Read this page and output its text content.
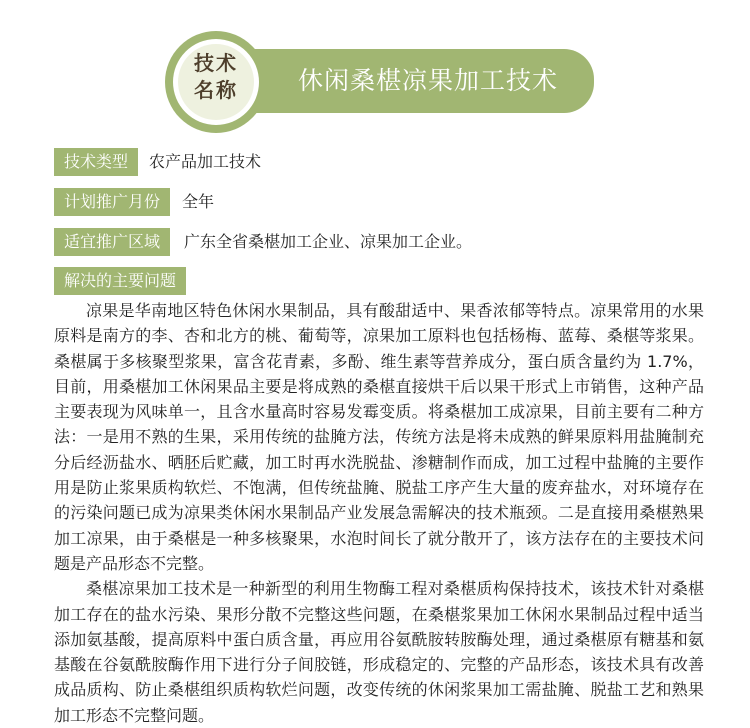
休闲桑椹凉果加工技术
技术
名称
技术类型	农产品加工技术
计划推广月份	全年
适宜推广区域	广东全省桑椹加工企业、凉果加工企业。
解决的主要问题

凉果是华南地区特色休闲水果制品，具有酸甜适中、果香浓郁等特点。凉果常用的水果原料是南方的李、杏和北方的桃、葡萄等，凉果加工原料也包括杨梅、蓝莓、桑椹等浆果。桑椹属于多核聚型浆果，富含花青素，多酚、维生素等营养成分，蛋白质含量约为 1.7%，目前，用桑椹加工休闲果品主要是将成熟的桑椹直接烘干后以果干形式上市销售，这种产品主要表现为风味单一，且含水量高时容易发霉变质。将桑椹加工成凉果，目前主要有二种方法：一是用不熟的生果，采用传统的盐腌方法，传统方法是将未成熟的鲜果原料用盐腌制充分后经沥盐水、晒胚后贮藏，加工时再水洗脱盐、渗糖制作而成，加工过程中盐腌的主要作用是防止浆果质构软烂、不饱满，但传统盐腌、脱盐工序产生大量的废弃盐水，对环境存在的污染问题已成为凉果类休闲水果制品产业发展急需解决的技术瓶颈。二是直接用桑椹熟果加工凉果，由于桑椹是一种多核聚果，水泡时间长了就分散开了，该方法存在的主要技术问题是产品形态不完整。

桑椹凉果加工技术是一种新型的利用生物酶工程对桑椹质构保持技术，该技术针对桑椹加工存在的盐水污染、果形分散不完整这些问题，在桑椹浆果加工休闲水果制品过程中适当添加氨基酸，提高原料中蛋白质含量，再应用谷氨酰胺转胺酶处理，通过桑椹原有糖基和氨基酸在谷氨酰胺酶作用下进行分子间胶链，形成稳定的、完整的产品形态，该技术具有改善成品质构、防止桑椹组织质构软烂问题，改变传统的休闲浆果加工需盐腌、脱盐工艺和熟果加工形态不完整问题。
